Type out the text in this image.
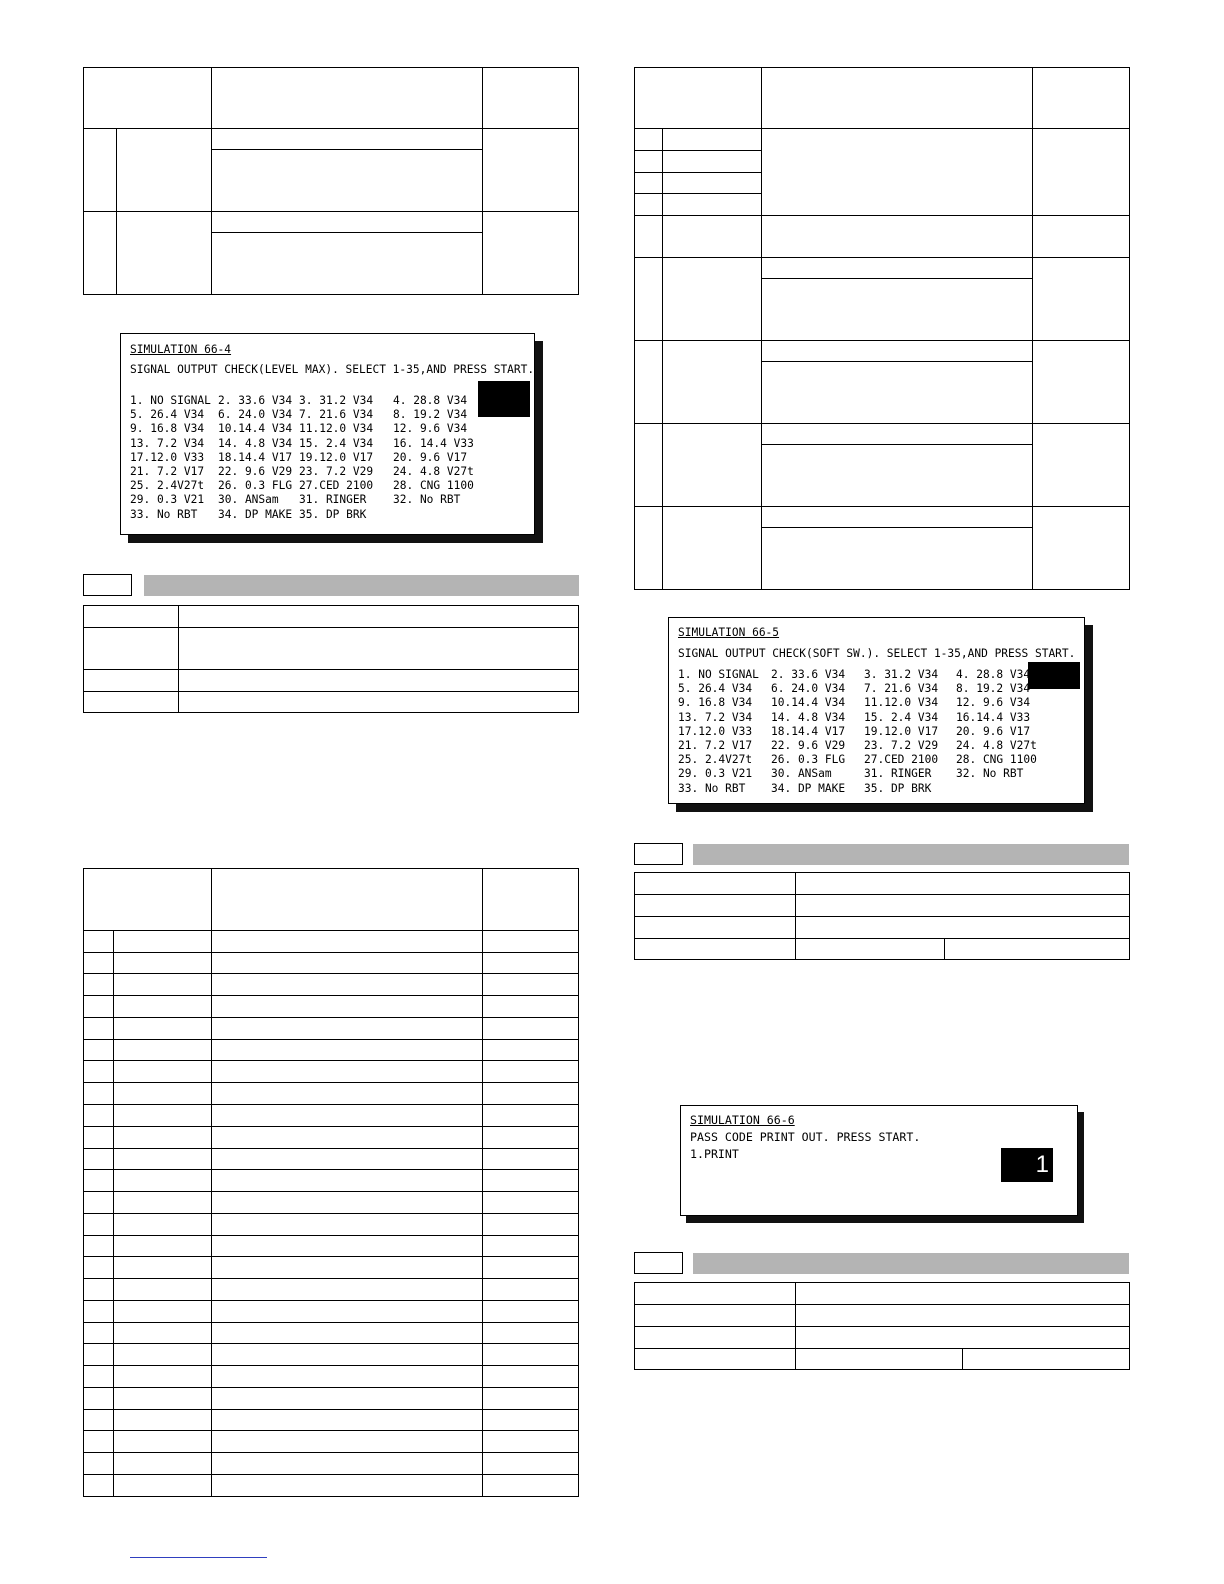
SIMULATION 66-4
SIGNAL OUTPUT CHECK(LEVEL MAX). SELECT 1-35,AND PRESS START.
1. NO SIGNAL 2. 33.6 V34 3. 31.2 V34	4. 28.8 V34
5. 26.4 V34	6. 24.0 V34 7. 21.6 V34	8. 19.2 V34
9. 16.8 V34	10.14.4 V34 11.12.0 V34	12. 9.6 V34
13. 7.2 V34	14. 4.8 V34 15. 2.4 V34	16. 14.4 V33
17.12.0 V33	18.14.4 V17 19.12.0 V17	20. 9.6 V17
21. 7.2 V17	22. 9.6 V29 23. 7.2 V29	24. 4.8 V27t
25. 2.4V27t	26. 0.3 FLG 27.CED 2100	28. CNG 1100
29. 0.3 V21	30. ANSam	31. RINGER	32. No RBT
33. No RBT	34. DP MAKE 35. DP BRK
SIMULATION 66-5
SIGNAL OUTPUT CHECK(SOFT SW.). SELECT 1-35,AND PRESS START.
1. NO SIGNAL	2. 33.6 V34	3. 31.2 V34	4. 28.8 V34
5. 26.4 V34	6. 24.0 V34	7. 21.6 V34	8. 19.2 V34
9. 16.8 V34	10.14.4 V34	11.12.0 V34	12. 9.6 V34
13. 7.2 V34	14. 4.8 V34	15. 2.4 V34	16.14.4 V33
17.12.0 V33	18.14.4 V17	19.12.0 V17	20. 9.6 V17
21. 7.2 V17	22. 9.6 V29	23. 7.2 V29	24. 4.8 V27t
25. 2.4V27t	26. 0.3 FLG	27.CED 2100	28. CNG 1100
29. 0.3 V21	30. ANSam	31. RINGER	32. No RBT
33. No RBT	34. DP MAKE	35. DP BRK
SIMULATION 66-6
PASS CODE PRINT OUT. PRESS START.
1.PRINT	1
